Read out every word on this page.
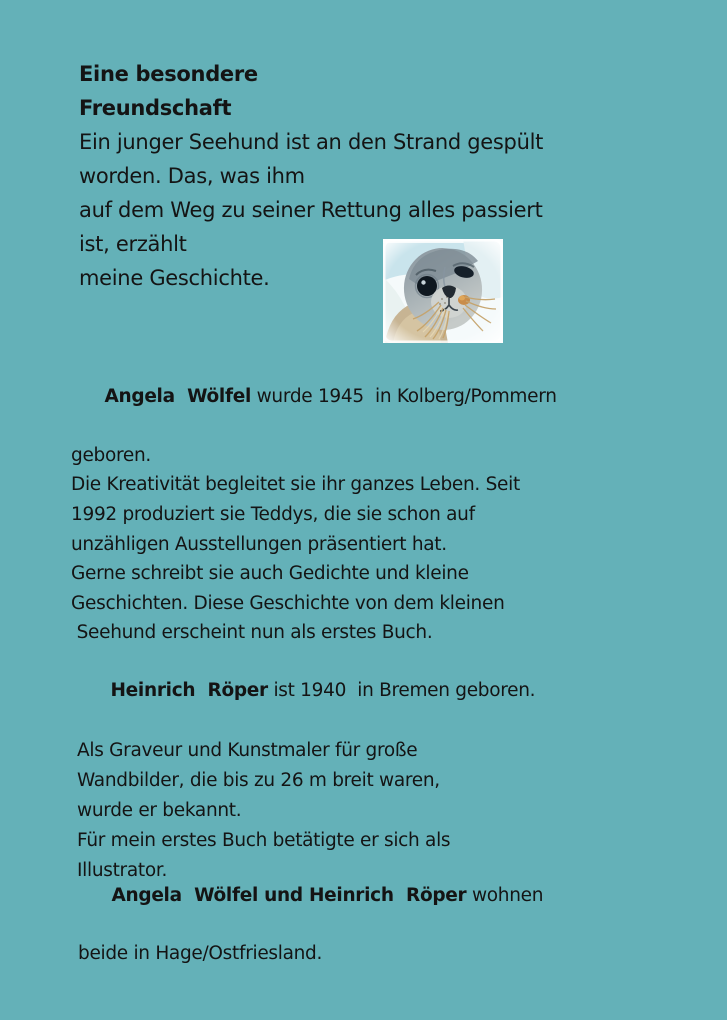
Eine besondere
Freundschaft
Ein junger Seehund ist an den Strand gespült
worden. Das, was ihm
auf dem Weg zu seiner Rettung alles passiert
ist, erzählt
meine Geschichte.

Angela  Wölfel wurde 1945  in Kolberg/Pommern

geboren.
Die Kreativität begleitet sie ihr ganzes Leben. Seit
1992 produziert sie Teddys, die sie schon auf
unzähligen Ausstellungen präsentiert hat.
Gerne schreibt sie auch Gedichte und kleine
Geschichten. Diese Geschichte von dem kleinen
Seehund erscheint nun als erstes Buch.

Heinrich  Röper ist 1940  in Bremen geboren.

Als Graveur und Kunstmaler für große
Wandbilder, die bis zu 26 m breit waren,
wurde er bekannt.
Für mein erstes Buch betätigte er sich als
Illustrator.

Angela  Wölfel und Heinrich  Röper wohnen

beide in Hage/Ostfriesland.
